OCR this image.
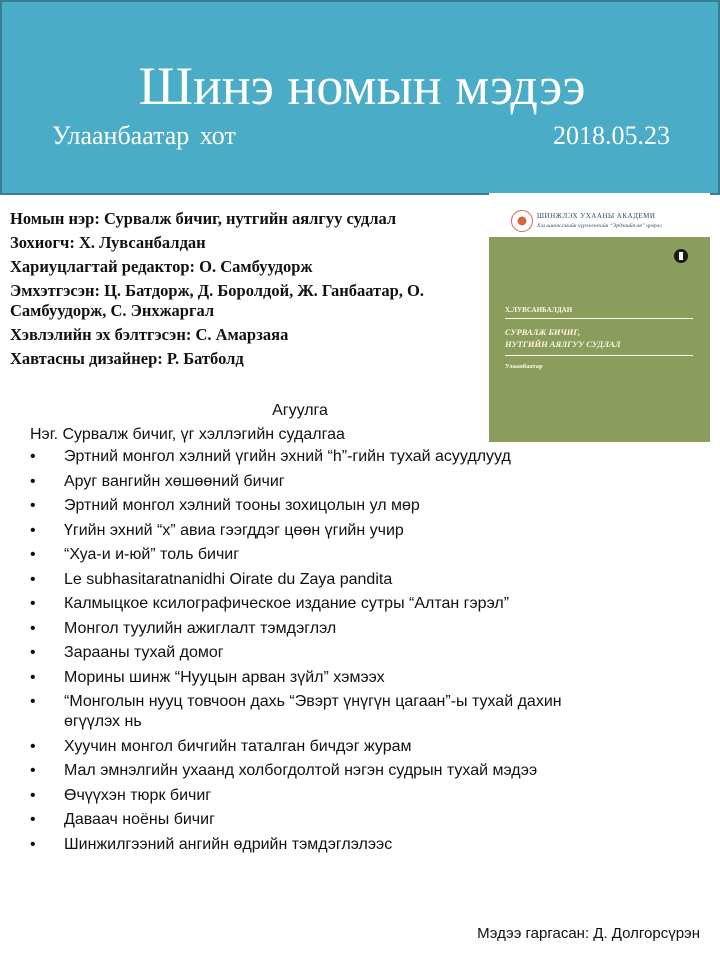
Шинэ номын мэдээ
Улаанбаатар хот	2018.05.23

Номын нэр: Сурвалж бичиг, нутгийн аялгуу судлал

Зохиогч: Х. Лувсанбалдан

Хариуцлагтай редактор: О. Самбуудорж

Эмхэтгэсэн: Ц. Батдорж, Д. Боролдой, Ж. Ганбаатар, О. Самбуудорж, С. Энхжаргал

Хэвлэлийн эх бэлтгэсэн: С. Амарзаяа

Хавтасны дизайнер: Р. Батболд

ШИНЖЛЭХ УХААНЫ АКАДЕМИ
Хэл шинжлэлийн хүрээлэнгийн “Эрдэнийн ая” цуврал
Х.ЛУВСАНБАЛДАН
СУРВАЛЖ БИЧИГ,
НУТГИЙН АЯЛГУУ СУДЛАЛ
Улаанбаатар
Агуулга
Нэг. Сурвалж бичиг, үг хэллэгийн судалгаа
• Эртний монгол хэлний үгийн эхний “h”-гийн тухай асуудлууд
• Аруг вангийн хөшөөний бичиг
• Эртний монгол хэлний тооны зохицолын ул мөр
• Үгийн эхний “х” авиа гээгддэг цөөн үгийн учир
• “Хуа-и и-юй” толь бичиг
• Le subhasitaratnanidhi Oirate du Zaya pandita
• Калмыцкое ксилографическое издание сутры “Алтан гэрэл”
• Монгол туулийн ажиглалт тэмдэглэл
• Зарааны тухай домог
• Морины шинж “Нууцын арван зүйл” хэмээх
• “Монголын нууц товчоон дахь “Эвэрт үнүгүн цагаан”-ы тухай дахин өгүүлэх нь
• Хуучин монгол бичгийн таталган бичдэг журам
• Мал эмнэлгийн ухаанд холбогдолтой нэгэн судрын тухай мэдээ
• Өчүүхэн тюрк бичиг
• Даваач ноёны бичиг
• Шинжилгээний ангийн өдрийн тэмдэглэлээс
Мэдээ гаргасан: Д. Долгорсүрэн
